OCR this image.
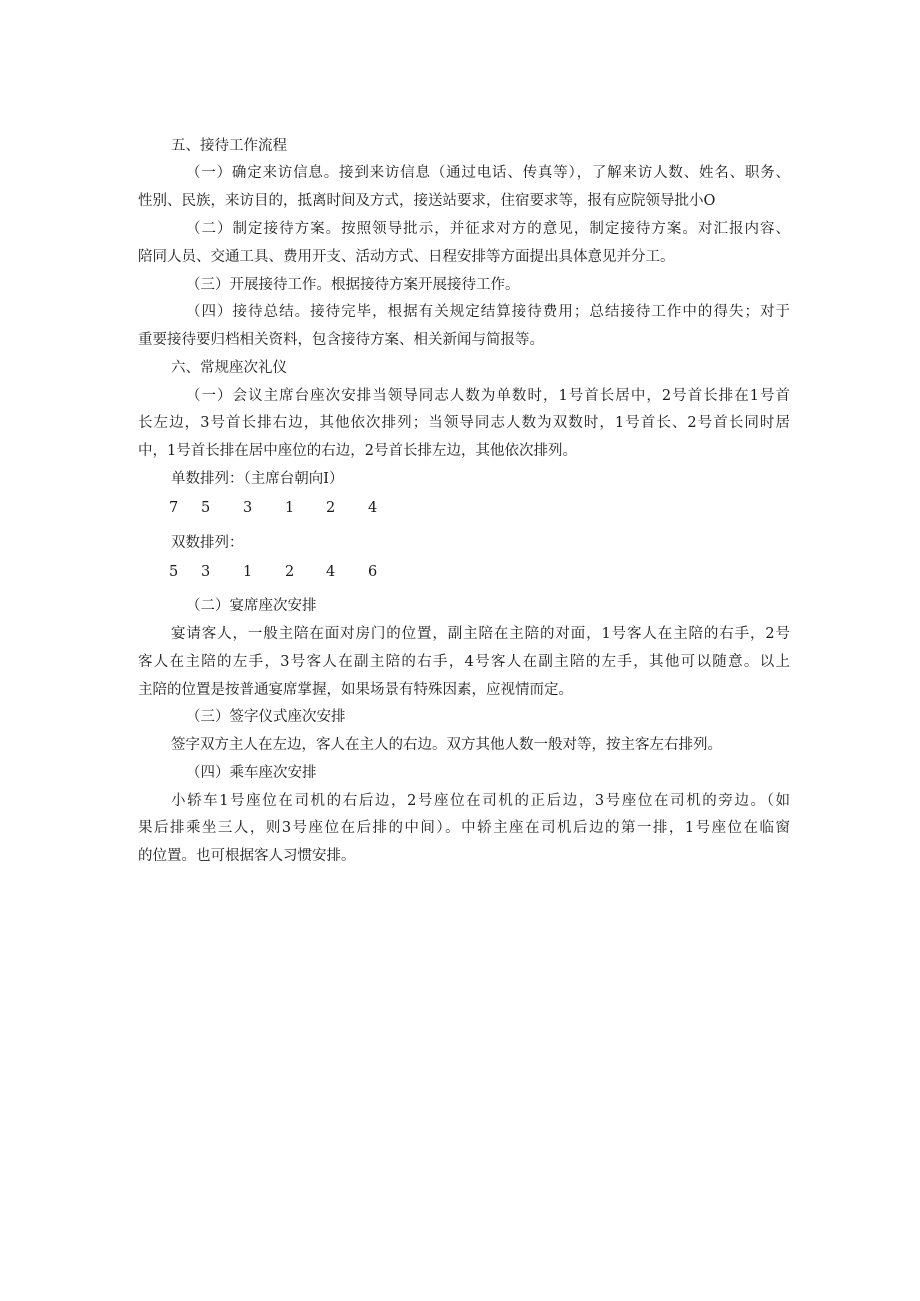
五、接待工作流程
（一）确定来访信息。接到来访信息（通过电话、传真等），了解来访人数、姓名、职务、
性别、民族，来访目的，抵离时间及方式，接送站要求，住宿要求等，报有应院领导批小O
（二）制定接待方案。按照领导批示，并征求对方的意见，制定接待方案。对汇报内容、
陪同人员、交通工具、费用开支、活动方式、日程安排等方面提出具体意见并分工。
（三）开展接待工作。根据接待方案开展接待工作。
（四）接待总结。接待完毕，根据有关规定结算接待费用；总结接待工作中的得失；对于
重要接待要归档相关资料，包含接待方案、相关新闻与简报等。
六、常规座次礼仪
（一）会议主席台座次安排当领导同志人数为单数时，1号首长居中，2号首长排在1号首
长左边，3号首长排右边，其他依次排列；当领导同志人数为双数时，1号首长、2号首长同时居
中，1号首长排在居中座位的右边，2号首长排左边，其他依次排列。
单数排列：（主席台朝向I）
7 5 3 1 2 4
双数排列：
5 3 1 2 4 6
（二）宴席座次安排
宴请客人，一般主陪在面对房门的位置，副主陪在主陪的对面，1号客人在主陪的右手，2号
客人在主陪的左手，3号客人在副主陪的右手，4号客人在副主陪的左手，其他可以随意。以上
主陪的位置是按普通宴席掌握，如果场景有特殊因素，应视情而定。
（三）签字仪式座次安排
签字双方主人在左边，客人在主人的右边。双方其他人数一般对等，按主客左右排列。
（四）乘车座次安排
小轿车1号座位在司机的右后边，2号座位在司机的正后边，3号座位在司机的旁边。（如
果后排乘坐三人，则3号座位在后排的中间）。中轿主座在司机后边的第一排，1号座位在临窗
的位置。也可根据客人习惯安排。
